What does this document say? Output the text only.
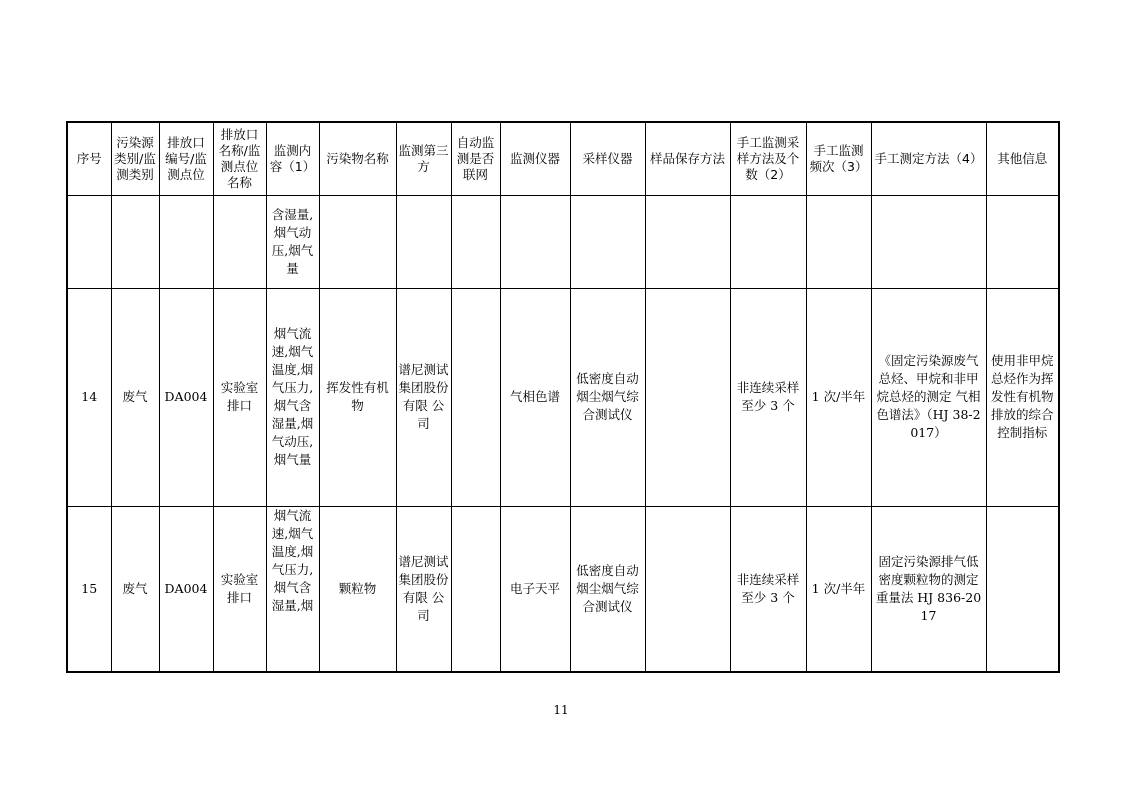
序号	污染源类别/监测类别	排放口编号/监测点位	排放口名称/监测点位名称	监测内容（1）	污染物名称	监测第三方	自动监测是否联网	监测仪器	采样仪器	样品保存方法	手工监测采样方法及个数（2）	手工监测频次（3）	手工测定方法（4）	其他信息
				含湿量,烟气动压,烟气量										
14	废气	DA004	实验室排口	烟气流速,烟气温度,烟气压力,烟气含湿量,烟气动压,烟气量	挥发性有机物	谱尼测试集团股份有限 公 司		气相色谱	低密度自动烟尘烟气综合测试仪		非连续采样 至少 3 个	1 次/半年	《固定污染源废气 总烃、甲烷和非甲烷总烃的测定 气相色谱法》（HJ 38-2017）	使用非甲烷总烃作为挥发性有机物排放的综合控制指标
15	废气	DA004	实验室排口	烟气流速,烟气温度,烟气压力,烟气含湿量,烟	颗粒物	谱尼测试集团股份有限 公 司		电子天平	低密度自动烟尘烟气综合测试仪		非连续采样 至少 3 个	1 次/半年	固定污染源排气低密度颗粒物的测定 重量法 HJ 836-2017	
11
